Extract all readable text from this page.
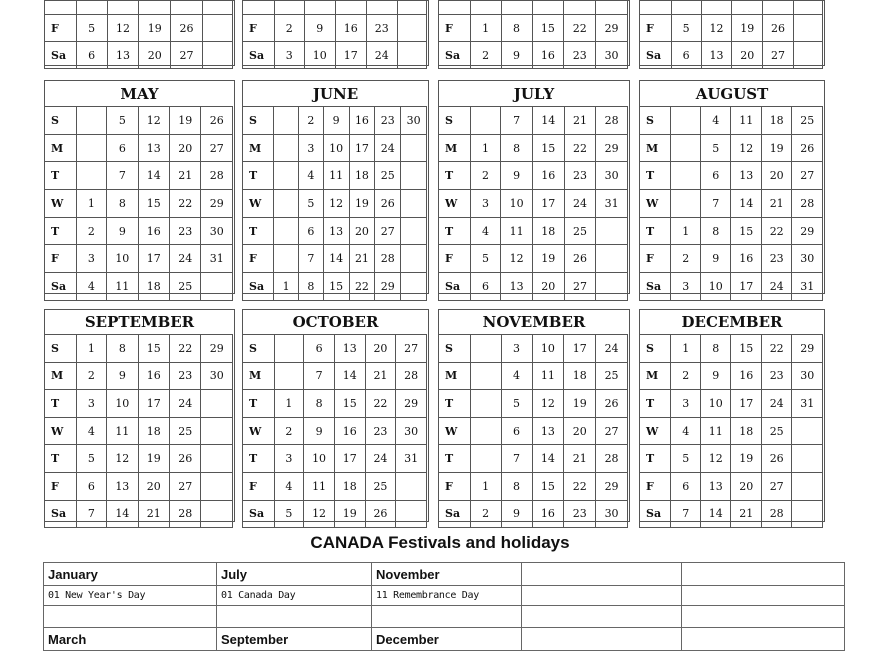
F	5	12	19	26	
Sa	6	13	20	27	

F	2	9	16	23	
Sa	3	10	17	24	

F	1	8	15	22	29
Sa	2	9	16	23	30

F	5	12	19	26	
Sa	6	13	20	27	
MAY
S		5	12	19	26
M		6	13	20	27
T		7	14	21	28
W	1	8	15	22	29
T	2	9	16	23	30
F	3	10	17	24	31
Sa	4	11	18	25	
JUNE
S		2	9	16	23	30
M		3	10	17	24	
T		4	11	18	25	
W		5	12	19	26	
T		6	13	20	27	
F		7	14	21	28	
Sa	1	8	15	22	29	
JULY
S		7	14	21	28
M	1	8	15	22	29
T	2	9	16	23	30
W	3	10	17	24	31
T	4	11	18	25	
F	5	12	19	26	
Sa	6	13	20	27	
AUGUST
S		4	11	18	25
M		5	12	19	26
T		6	13	20	27
W		7	14	21	28
T	1	8	15	22	29
F	2	9	16	23	30
Sa	3	10	17	24	31
SEPTEMBER
S	1	8	15	22	29
M	2	9	16	23	30
T	3	10	17	24	
W	4	11	18	25	
T	5	12	19	26	
F	6	13	20	27	
Sa	7	14	21	28	
OCTOBER
S		6	13	20	27
M		7	14	21	28
T	1	8	15	22	29
W	2	9	16	23	30
T	3	10	17	24	31
F	4	11	18	25	
Sa	5	12	19	26	
NOVEMBER
S		3	10	17	24
M		4	11	18	25
T		5	12	19	26
W		6	13	20	27
T		7	14	21	28
F	1	8	15	22	29
Sa	2	9	16	23	30
DECEMBER
S	1	8	15	22	29
M	2	9	16	23	30
T	3	10	17	24	31
W	4	11	18	25	
T	5	12	19	26	
F	6	13	20	27	
Sa	7	14	21	28	
CANADA Festivals and holidays
January	July	November		
01 New Year's Day	01 Canada Day	11 Remembrance Day		

March	September	December		
